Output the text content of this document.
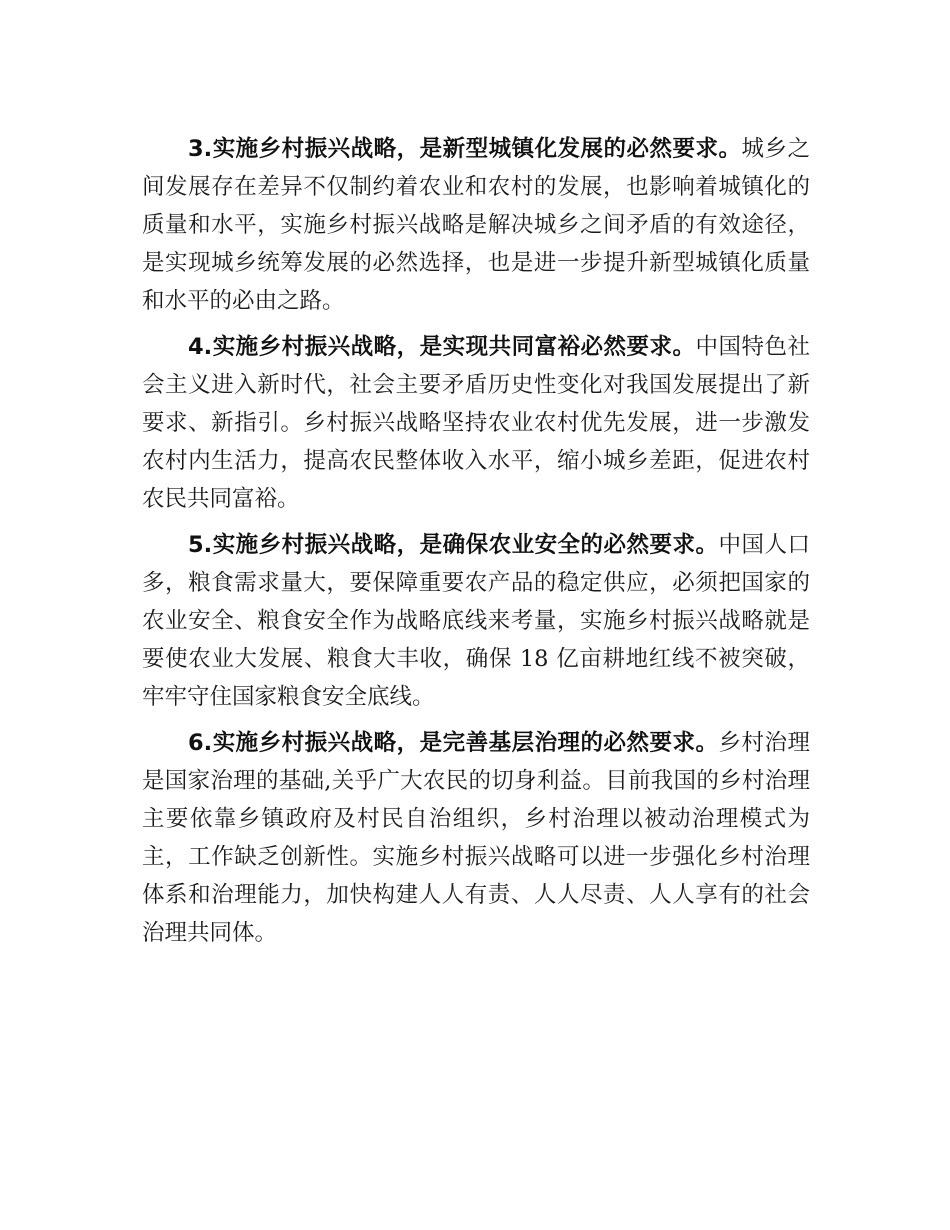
3.实施乡村振兴战略，是新型城镇化发展的必然要求。城乡之间发展存在差异不仅制约着农业和农村的发展，也影响着城镇化的质量和水平，实施乡村振兴战略是解决城乡之间矛盾的有效途径，是实现城乡统筹发展的必然选择，也是进一步提升新型城镇化质量和水平的必由之路。

4.实施乡村振兴战略，是实现共同富裕必然要求。中国特色社会主义进入新时代，社会主要矛盾历史性变化对我国发展提出了新要求、新指引。乡村振兴战略坚持农业农村优先发展，进一步激发农村内生活力，提高农民整体收入水平，缩小城乡差距，促进农村农民共同富裕。

5.实施乡村振兴战略，是确保农业安全的必然要求。中国人口多，粮食需求量大，要保障重要农产品的稳定供应，必须把国家的农业安全、粮食安全作为战略底线来考量，实施乡村振兴战略就是要使农业大发展、粮食大丰收，确保 18 亿亩耕地红线不被突破，牢牢守住国家粮食安全底线。

6.实施乡村振兴战略，是完善基层治理的必然要求。乡村治理是国家治理的基础,关乎广大农民的切身利益。目前我国的乡村治理主要依靠乡镇政府及村民自治组织，乡村治理以被动治理模式为主，工作缺乏创新性。实施乡村振兴战略可以进一步强化乡村治理体系和治理能力，加快构建人人有责、人人尽责、人人享有的社会治理共同体。
